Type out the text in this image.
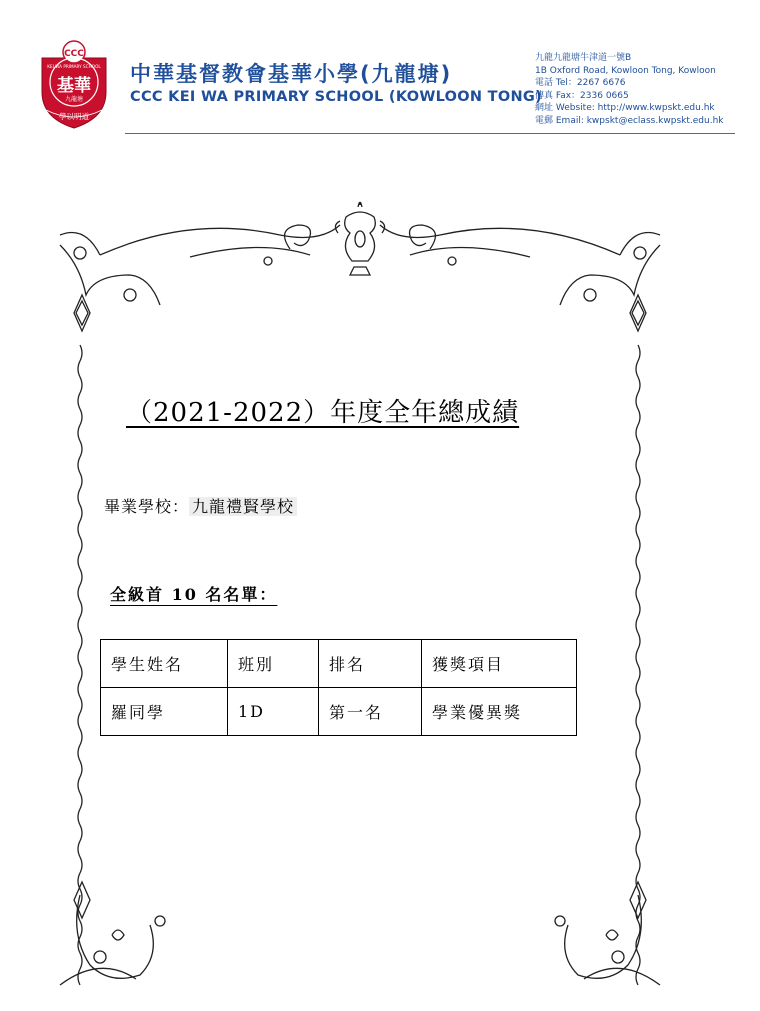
CCC
KEI WA PRIMARY SCHOOL
基華
九龍塘
學以明道
中華基督教會基華小學(九龍塘)
CCC KEI WA PRIMARY SCHOOL (KOWLOON TONG)
九龍九龍塘牛津道一號B
1B Oxford Road, Kowloon Tong, Kowloon
電話 Tel：2267 6676
傳真 Fax：2336 0665
網址 Website: http://www.kwpskt.edu.hk
電郵 Email: kwpskt@eclass.kwpskt.edu.hk
（2021-2022）年度全年總成績
畢業學校： 九龍禮賢學校
全級首 10 名名單：
學生姓名	班別	排名	獲獎項目
羅同學	1D	第一名	學業優異獎
